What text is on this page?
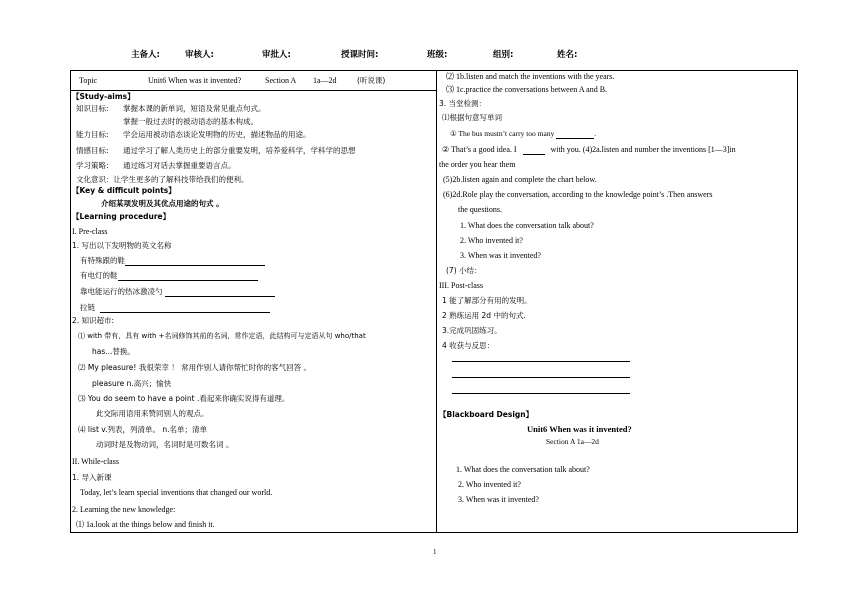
主备人:	审核人:	审批人:	授课时间:	班级:	组别:	姓名:
Topic	Unit6 When was it invented?	Section A 1a—2d	(听说课)
【Study-aims】
知识目标: 掌握本课的新单词，短语及常见重点句式。
掌握一般过去时的被动语态的基本构成。
能力目标: 学会运用被动语态谈论发明物的历史，描述物品的用途。
情感目标: 通过学习了解人类历史上的部分重要发明，培养爱科学，学科学的思想
学习策略: 通过练习对话去掌握重要语言点。
文化意识：让学生更多的了解科技带给我们的便利。
【Key & difficult points】
介绍某项发明及其优点用途的句式 。
【Learning procedure】
I. Pre-class
1. 写出以下发明物的英文名称
有特殊跟的鞋
有电灯的鞋
靠电能运行的热冰激凌勺
拉链
2. 知识超市:
⑴ with 带有，具有 with +名词修饰其前的名词，常作定语，此结构可与定语从句 who/that
has...替换。
⑵ My pleasure! 我很荣幸 ！ 常用作别人请你帮忙时你的客气回答 。
pleasure n.高兴；愉快
⑶ You do seem to have a point .看起来你确实说得有道理。
此交际用语用来赞同别人的观点。
⑷ list v.列表，列清单。 n.名单；清单
动词时是及物动词，名词时是可数名词 。
II. While-class
1. 导入新课
Today, let’s learn special inventions that changed our world.
2. Learning the new knowledge:
⑴ 1a.look at the things below and finish it.
⑵ 1b.listen and match the inventions with the years.
⑶ 1c.practice the conversations between A and B.
3. 当堂检测：
⑴根据句意写单词
① The bus mustn’t carry too many	.
② That’s a good idea. I	with you. (4)2a.listen and number the inventions [1—3]in
the order you hear them
(5)2b.listen again and complete the chart below.
(6)2d.Role play the conversation, according to the knowledge point’s .Then answers
the questions.
1. What does the conversation talk about?
2. Who invented it?
3. When was it invented?
(7) 小结：
III. Post-class
1 能了解部分有用的发明。
2 熟练运用 2d 中的句式.
3.完成巩固练习。
4 收获与反思：
【Blackboard Design】
Unit6 When was it invented?
Section A 1a—2d
1. What does the conversation talk about?
2. Who invented it?
3. When was it invented?
1
